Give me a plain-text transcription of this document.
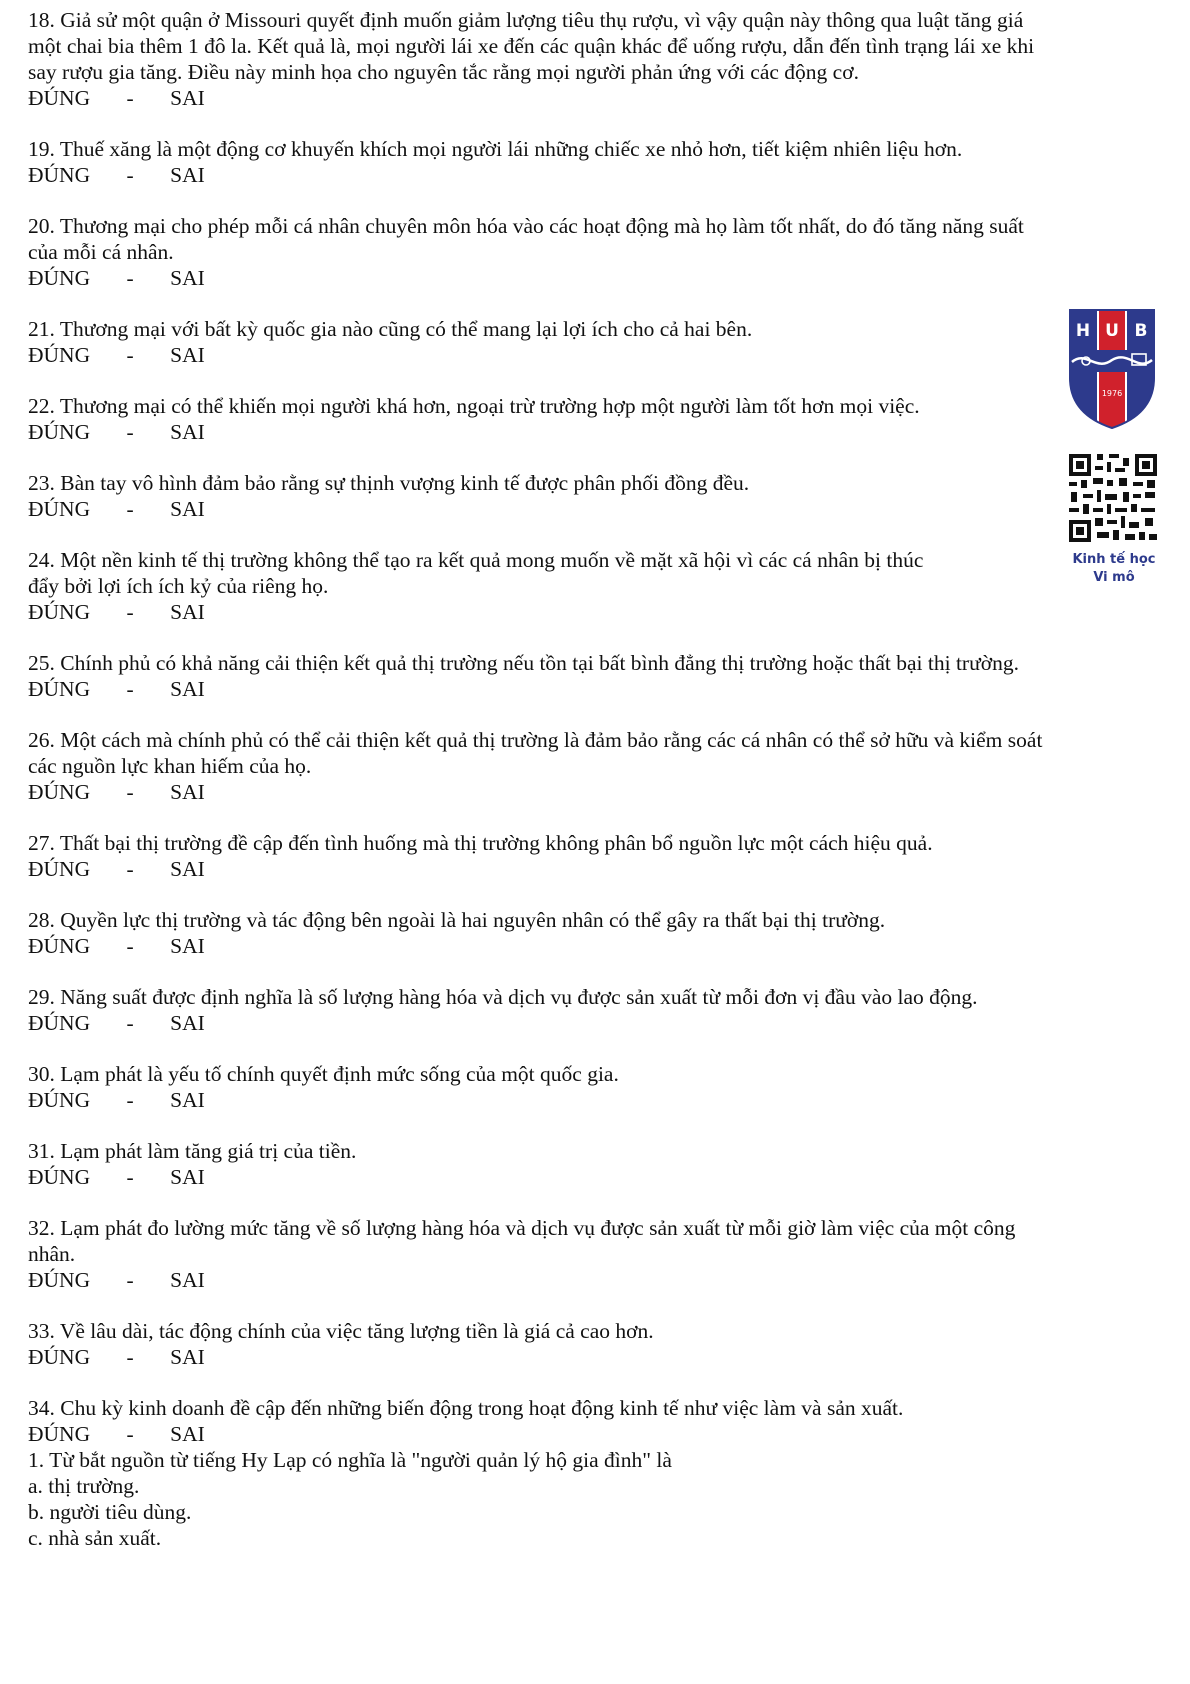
18. Giả sử một quận ở Missouri quyết định muốn giảm lượng tiêu thụ rượu, vì vậy quận này thông qua luật tăng giá
một chai bia thêm 1 đô la. Kết quả là, mọi người lái xe đến các quận khác để uống rượu, dẫn đến tình trạng lái xe khi
say rượu gia tăng. Điều này minh họa cho nguyên tắc rằng mọi người phản ứng với các động cơ.
ĐÚNG	-	SAI
19. Thuế xăng là một động cơ khuyến khích mọi người lái những chiếc xe nhỏ hơn, tiết kiệm nhiên liệu hơn.
ĐÚNG	-	SAI
20. Thương mại cho phép mỗi cá nhân chuyên môn hóa vào các hoạt động mà họ làm tốt nhất, do đó tăng năng suất
của mỗi cá nhân.
ĐÚNG	-	SAI
21. Thương mại với bất kỳ quốc gia nào cũng có thể mang lại lợi ích cho cả hai bên.
ĐÚNG	-	SAI
22. Thương mại có thể khiến mọi người khá hơn, ngoại trừ trường hợp một người làm tốt hơn mọi việc.
ĐÚNG	-	SAI
23. Bàn tay vô hình đảm bảo rằng sự thịnh vượng kinh tế được phân phối đồng đều.
ĐÚNG	-	SAI
24. Một nền kinh tế thị trường không thể tạo ra kết quả mong muốn về mặt xã hội vì các cá nhân bị thúc
đẩy bởi lợi ích ích kỷ của riêng họ.
ĐÚNG	-	SAI
25. Chính phủ có khả năng cải thiện kết quả thị trường nếu tồn tại bất bình đẳng thị trường hoặc thất bại thị trường.
ĐÚNG	-	SAI
26. Một cách mà chính phủ có thể cải thiện kết quả thị trường là đảm bảo rằng các cá nhân có thể sở hữu và kiểm soát
các nguồn lực khan hiếm của họ.
ĐÚNG	-	SAI
27. Thất bại thị trường đề cập đến tình huống mà thị trường không phân bổ nguồn lực một cách hiệu quả.
ĐÚNG	-	SAI
28. Quyền lực thị trường và tác động bên ngoài là hai nguyên nhân có thể gây ra thất bại thị trường.
ĐÚNG	-	SAI
29. Năng suất được định nghĩa là số lượng hàng hóa và dịch vụ được sản xuất từ mỗi đơn vị đầu vào lao động.
ĐÚNG	-	SAI
30. Lạm phát là yếu tố chính quyết định mức sống của một quốc gia.
ĐÚNG	-	SAI
31. Lạm phát làm tăng giá trị của tiền.
ĐÚNG	-	SAI
32. Lạm phát đo lường mức tăng về số lượng hàng hóa và dịch vụ được sản xuất từ mỗi giờ làm việc của một công
nhân.
ĐÚNG	-	SAI
33. Về lâu dài, tác động chính của việc tăng lượng tiền là giá cả cao hơn.
ĐÚNG	-	SAI
34. Chu kỳ kinh doanh đề cập đến những biến động trong hoạt động kinh tế như việc làm và sản xuất.
ĐÚNG	-	SAI
1. Từ bắt nguồn từ tiếng Hy Lạp có nghĩa là "người quản lý hộ gia đình" là
a. thị trường.
b. người tiêu dùng.
c. nhà sản xuất.
H U B
1976
Kinh tế học
Vi mô
